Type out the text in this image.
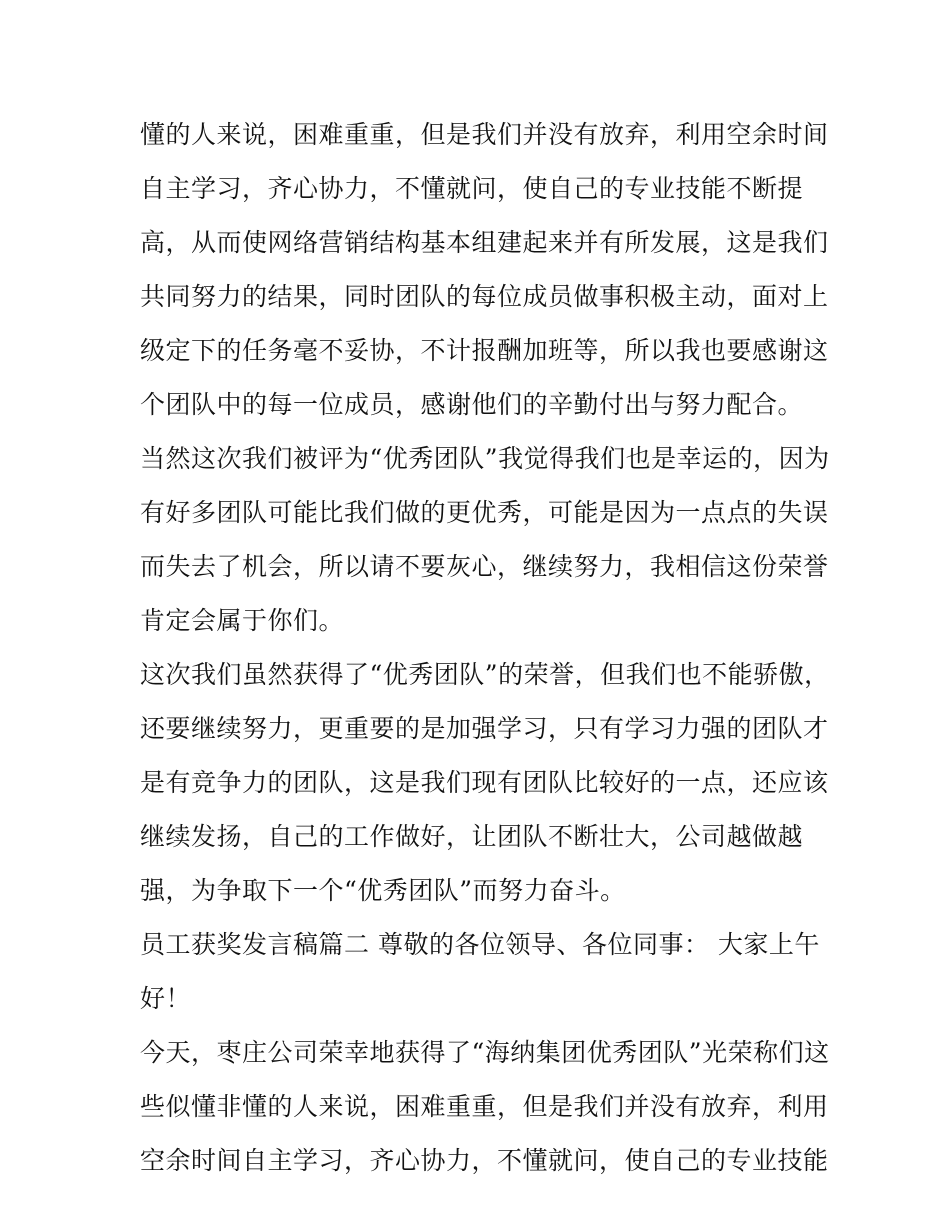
懂的人来说，困难重重，但是我们并没有放弃，利用空余时间
自主学习，齐心协力，不懂就问，使自己的专业技能不断提
高，从而使网络营销结构基本组建起来并有所发展，这是我们
共同努力的结果，同时团队的每位成员做事积极主动，面对上
级定下的任务毫不妥协，不计报酬加班等，所以我也要感谢这
个团队中的每一位成员，感谢他们的辛勤付出与努力配合。
当然这次我们被评为“优秀团队”我觉得我们也是幸运的，因为
有好多团队可能比我们做的更优秀，可能是因为一点点的失误
而失去了机会，所以请不要灰心，继续努力，我相信这份荣誉
肯定会属于你们。
这次我们虽然获得了“优秀团队”的荣誉，但我们也不能骄傲，
还要继续努力，更重要的是加强学习，只有学习力强的团队才
是有竞争力的团队，这是我们现有团队比较好的一点，还应该
继续发扬，自己的工作做好，让团队不断壮大，公司越做越
强，为争取下一个“优秀团队”而努力奋斗。
员工获奖发言稿篇二 尊敬的各位领导、各位同事： 大家上午
好！
今天，枣庄公司荣幸地获得了“海纳集团优秀团队”光荣称们这
些似懂非懂的人来说，困难重重，但是我们并没有放弃，利用
空余时间自主学习，齐心协力，不懂就问，使自己的专业技能
